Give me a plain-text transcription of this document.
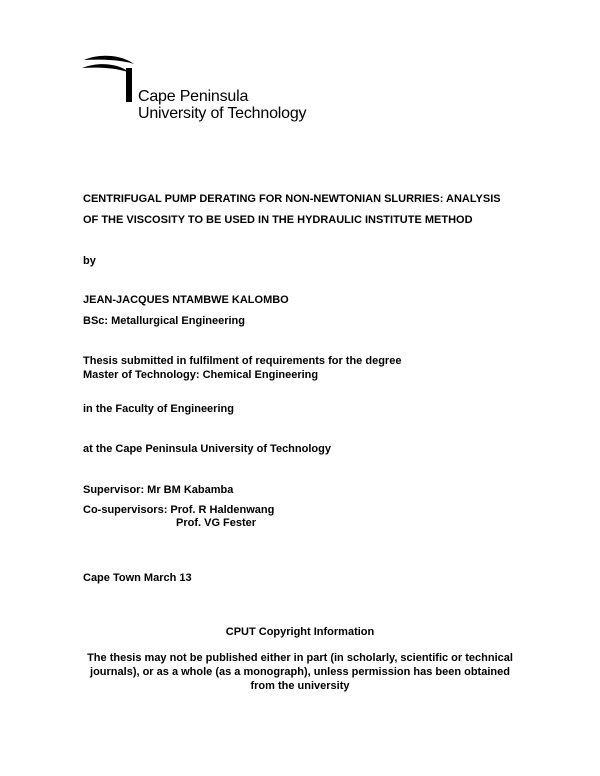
Cape Peninsula
University of Technology
CENTRIFUGAL PUMP DERATING FOR NON-NEWTONIAN SLURRIES: ANALYSIS
OF THE VISCOSITY TO BE USED IN THE HYDRAULIC INSTITUTE METHOD
by
JEAN-JACQUES NTAMBWE KALOMBO
BSc: Metallurgical Engineering
Thesis submitted in fulfilment of requirements for the degree
Master of Technology: Chemical Engineering
in the Faculty of Engineering
at the Cape Peninsula University of Technology
Supervisor: Mr BM Kabamba
Co-supervisors: Prof. R Haldenwang
Prof. VG Fester
Cape Town March 13
CPUT Copyright Information
The thesis may not be published either in part (in scholarly, scientific or technical
journals), or as a whole (as a monograph), unless permission has been obtained
from the university
